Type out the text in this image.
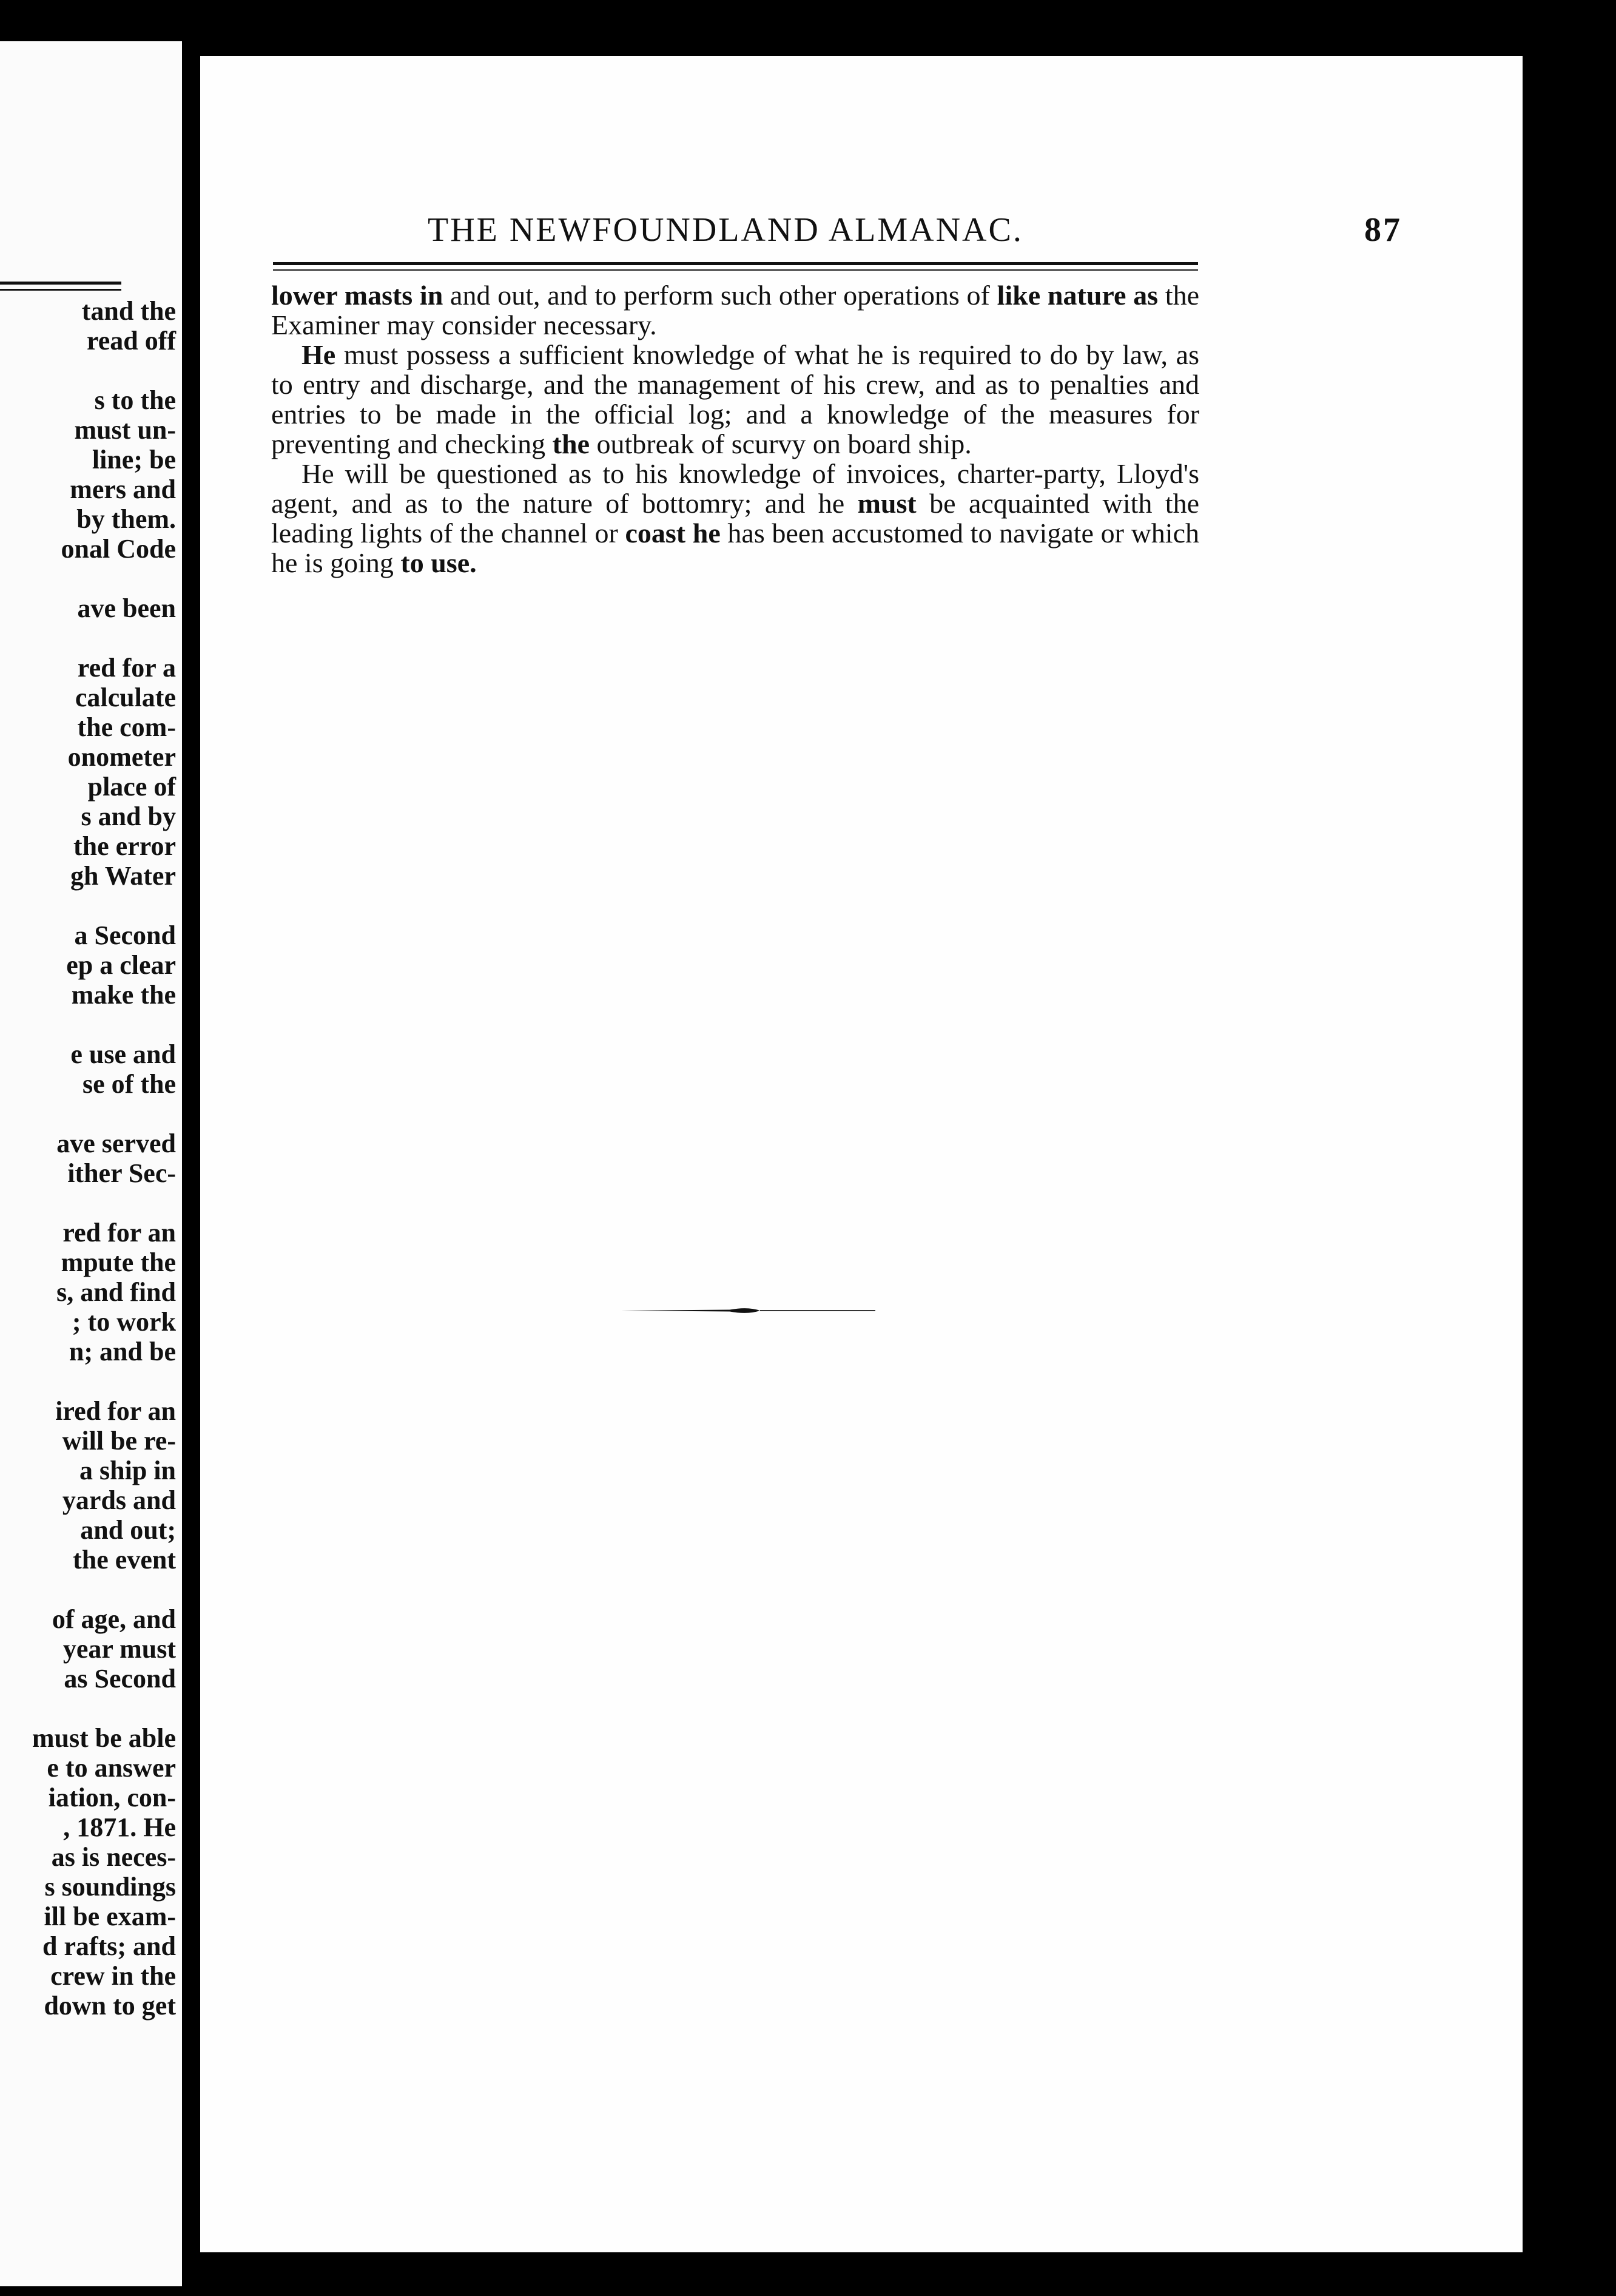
tand the
read off

s to the
must un-
line; be
mers and
by them.
onal Code

ave been

red for a
calculate
the com-
onometer
place of
s and by
the error
gh Water

a Second
ep a clear
make the

e use and
se of the

ave served
ither Sec-

red for an
mpute the
s, and find
; to work
n; and be

ired for an
will be re-
a ship in
yards and
and out;
the event

of age, and
year must
as Second

must be able
e to answer
iation, con-
, 1871. He
as is neces-
s soundings
ill be exam-
d rafts; and
crew in the
down to get
THE NEWFOUNDLAND ALMANAC.	87

lower masts in and out, and to perform such other operations of like nature as the Examiner may consider necessary.

He must possess a sufficient knowledge of what he is required to do by law, as to entry and discharge, and the management of his crew, and as to penalties and entries to be made in the official log; and a knowledge of the measures for preventing and checking the outbreak of scurvy on board ship.

He will be questioned as to his knowledge of invoices, charter-party, Lloyd's agent, and as to the nature of bottomry; and he must be acquainted with the leading lights of the channel or coast he has been accustomed to navigate or which he is going to use.
